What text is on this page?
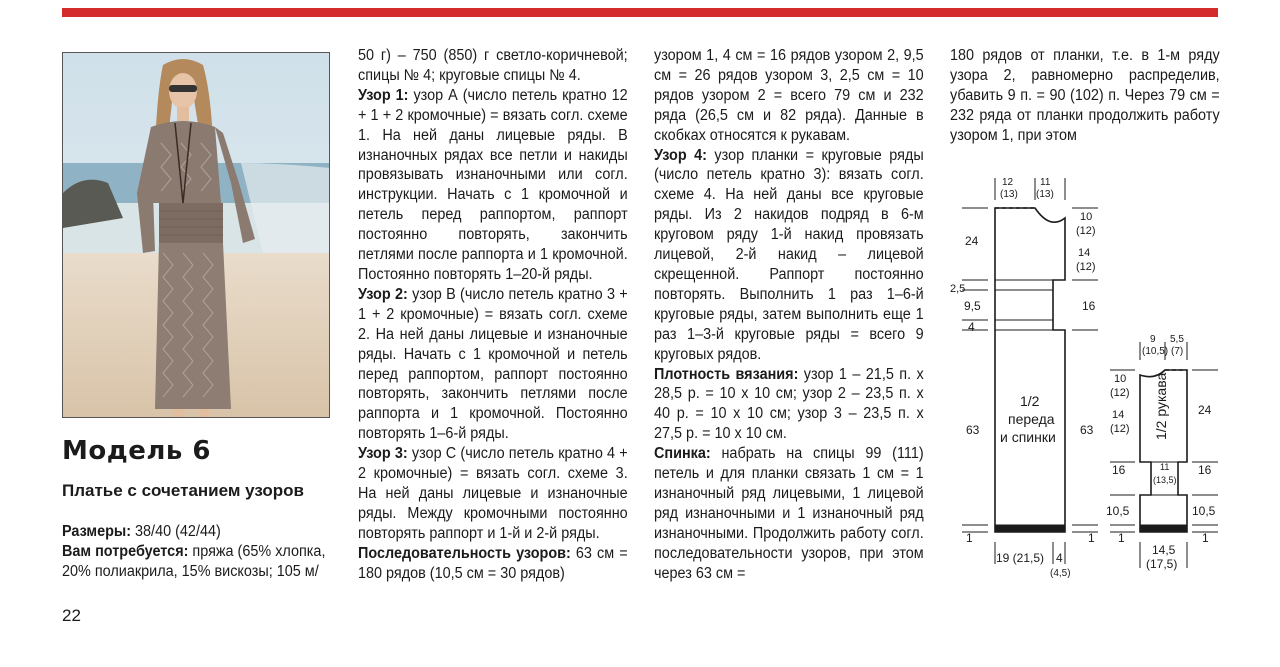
Модель 6
Платье с сочетанием узоров

Размеры: 38/40 (42/44)

Вам потребуется: пряжа (65% хлопка, 20% полиакрила, 15% вискозы; 105 м/

50 г) – 750 (850) г светло-коричневой; спицы № 4; круговые спицы № 4.

Узор 1: узор А (число петель кратно 12 + 1 + 2 кромочные) = вязать согл. схеме 1. На ней даны лицевые ряды. В изнаночных рядах все петли и накиды провязывать изнаночными или согл. инструкции. Начать с 1 кромочной и петель перед раппортом, раппорт постоянно повторять, закончить петлями после раппорта и 1 кромочной. Постоянно повторять 1–20-й ряды.

Узор 2: узор В (число петель кратно 3 + 1 + 2 кромочные) = вязать согл. схеме 2. На ней даны лицевые и изнаночные ряды. Начать с 1 кромочной и петель перед раппортом, раппорт постоянно повторять, закончить петлями после раппорта и 1 кромочной. Постоянно повторять 1–6-й ряды.

Узор 3: узор С (число петель кратно 4 + 2 кромочные) = вязать согл. схеме 3. На ней даны лицевые и изнаночные ряды. Между кромочными постоянно повторять раппорт и 1-й и 2-й ряды.

Последовательность узоров: 63 см = 180 рядов (10,5 см = 30 рядов)

узором 1, 4 см = 16 рядов узором 2, 9,5 см = 26 рядов узором 3, 2,5 см = 10 рядов узором 2 = всего 79 см и 232 ряда (26,5 см и 82 ряда). Данные в скобках относятся к рукавам.

Узор 4: узор планки = круговые ряды (число петель кратно 3): вязать согл. схеме 4. На ней даны все круговые ряды. Из 2 накидов подряд в 6-м круговом ряду 1-й накид провязать лицевой, 2-й накид – лицевой скрещенной. Раппорт постоянно повторять. Выполнить 1 раз 1–6-й круговые ряды, затем выполнить еще 1 раз 1–3-й круговые ряды = всего 9 круговых рядов.

Плотность вязания: узор 1 – 21,5 п. х 28,5 р. = 10 х 10 см; узор 2 – 23,5 п. х 40 р. = 10 х 10 см; узор 3 – 23,5 п. х 27,5 р. = 10 х 10 см.

Спинка: набрать на спицы 99 (111) петель и для планки связать 1 см = 1 изнаночный ряд лицевыми, 1 лицевой ряд изнаночными и 1 изнаночный ряд изнаночными. Продолжить работу согл. последовательности узоров, при этом через 63 см =

180 рядов от планки, т.е. в 1-м ряду узора 2, равномерно распределив, убавить 9 п. = 90 (102) п. Через 79 см = 232 ряда от планки продолжить работу узором 1, при этом

12
(13)
11
(13)
24
2,5
9,5
4
63
1
10
(12)
14
(12)
16
63
1
1/2
переда
и спинки
19 (21,5) 4
(4,5)
9
(10,5)
5,5
(7)
10
(12)
14
(12)
16
10,5
1
11
(13,5)
24
16
10,5
1
14,5
(17,5)
1/2 рукава
22
